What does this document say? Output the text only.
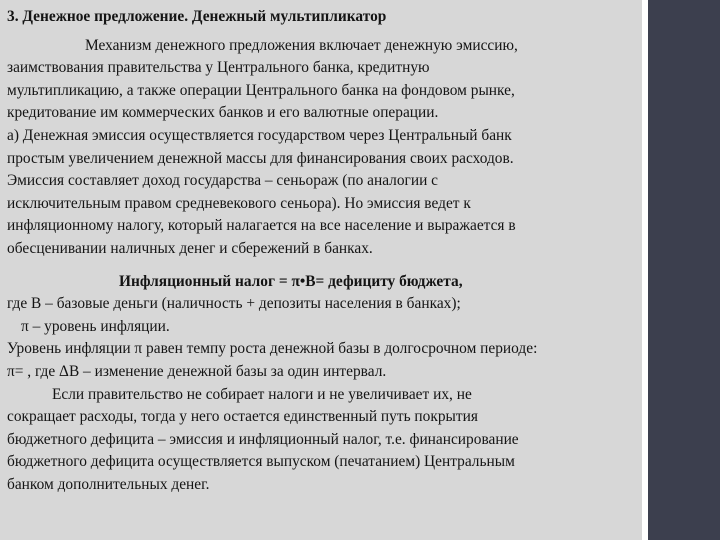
3. Денежное предложение. Денежный мультипликатор
Механизм денежного предложения включает денежную эмиссию,
заимствования правительства у Центрального банка, кредитную
мультипликацию, а также операции Центрального банка на фондовом рынке,
кредитование им коммерческих банков и его валютные операции.
а) Денежная эмиссия осуществляется государством через Центральный банк
простым увеличением денежной массы для финансирования своих расходов.
Эмиссия составляет доход государства – сеньораж (по аналогии с
исключительным правом средневекового сеньора). Но эмиссия ведет к
инфляционному налогу, который налагается на все население и выражается в
обесценивании наличных денег и сбережений в банках.
Инфляционный налог = π•B= дефициту бюджета,
где B – базовые деньги (наличность + депозиты населения в банках);
π – уровень инфляции.
Уровень инфляции π равен темпу роста денежной базы в долгосрочном периоде:
π= , где ΔB – изменение денежной базы за один интервал.
Если правительство не собирает налоги и не увеличивает их, не
сокращает расходы, тогда у него остается единственный путь покрытия
бюджетного дефицита – эмиссия и инфляционный налог, т.е. финансирование
бюджетного дефицита осуществляется выпуском (печатанием) Центральным
банком дополнительных денег.
